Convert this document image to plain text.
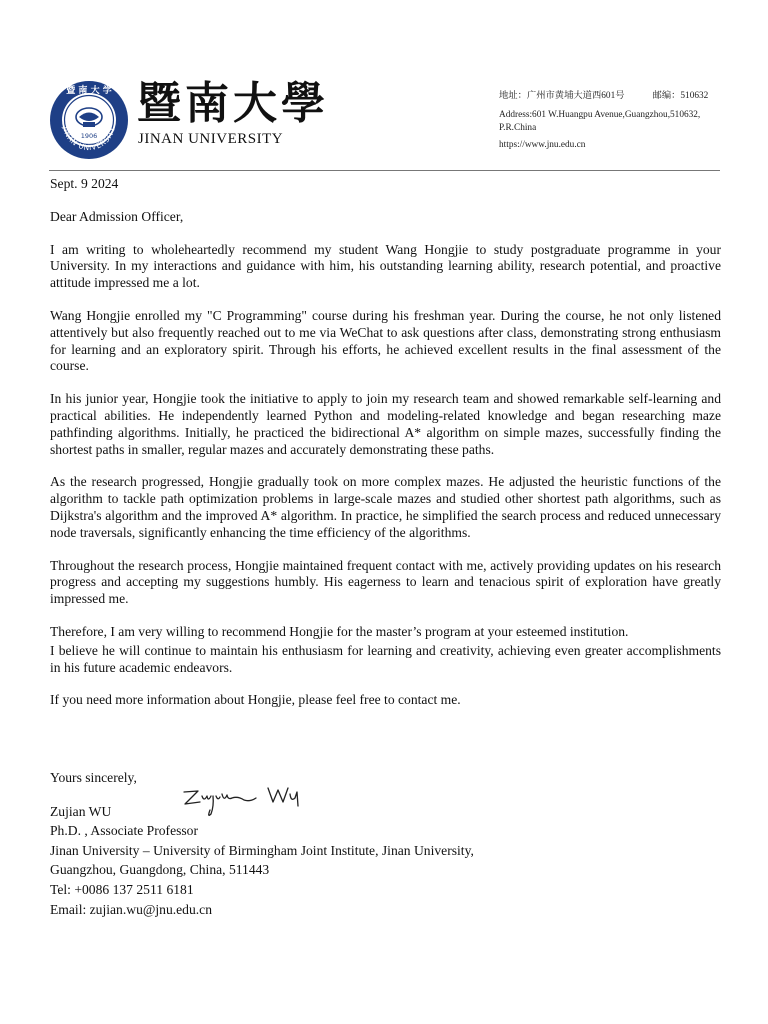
JINAN UNIVERSITY
暨 南 大 学
1906
暨南大學
JINAN UNIVERSITY
地址：广州市黄埔大道西601号	邮编：510632
Address:601 W.Huangpu Avenue,Guangzhou,510632,
P.R.China
https://www.jnu.edu.cn

Sept. 9 2024

Dear Admission Officer,

I am writing to wholeheartedly recommend my student Wang Hongjie to study postgraduate programme in your University. In my interactions and guidance with him, his outstanding learning ability, research potential, and proactive attitude impressed me a lot.

Wang Hongjie enrolled my "C Programming" course during his freshman year. During the course, he not only listened attentively but also frequently reached out to me via WeChat to ask questions after class, demonstrating strong enthusiasm for learning and an exploratory spirit. Through his efforts, he achieved excellent results in the final assessment of the course.

In his junior year, Hongjie took the initiative to apply to join my research team and showed remarkable self-learning and practical abilities. He independently learned Python and modeling-related knowledge and began researching maze pathfinding algorithms. Initially, he practiced the bidirectional A* algorithm on simple mazes, successfully finding the shortest paths in smaller, regular mazes and accurately demonstrating these paths.

As the research progressed, Hongjie gradually took on more complex mazes. He adjusted the heuristic functions of the algorithm to tackle path optimization problems in large-scale mazes and studied other shortest path algorithms, such as Dijkstra's algorithm and the improved A* algorithm. In practice, he simplified the search process and reduced unnecessary node traversals, significantly enhancing the time efficiency of the algorithms.

Throughout the research process, Hongjie maintained frequent contact with me, actively providing updates on his research progress and accepting my suggestions humbly. His eagerness to learn and tenacious spirit of exploration have greatly impressed me.

Therefore, I am very willing to recommend Hongjie for the master’s program at your esteemed institution.

I believe he will continue to maintain his enthusiasm for learning and creativity, achieving even greater accomplishments in his future academic endeavors.

If you need more information about Hongjie, please feel free to contact me.

Yours sincerely,

Zujian WU

Ph.D. , Associate Professor

Jinan University – University of Birmingham Joint Institute, Jinan University,

Guangzhou, Guangdong, China, 511443

Tel: +0086 137 2511 6181

Email: zujian.wu@jnu.edu.cn
